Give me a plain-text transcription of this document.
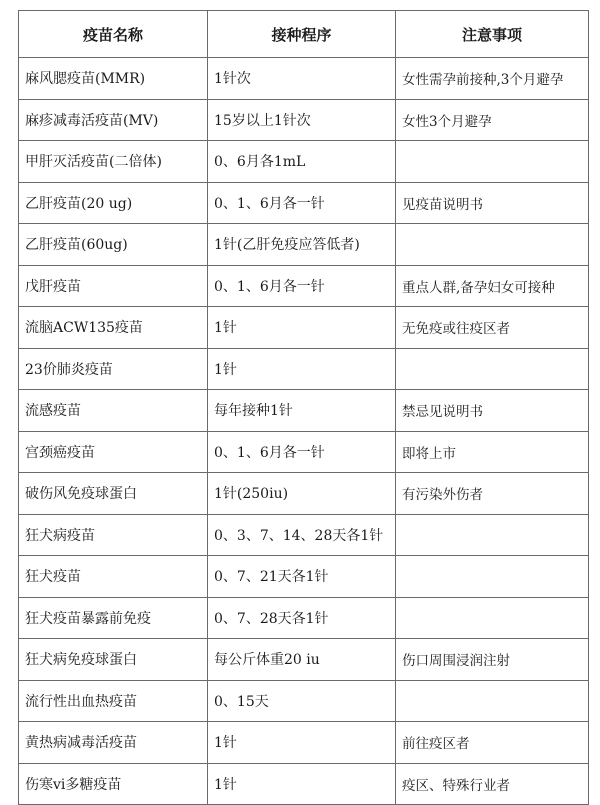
疫苗名称	接种程序	注意事项
麻风腮疫苗(MMR)	1针次	女性需孕前接种,3个月避孕
麻疹减毒活疫苗(MV)	15岁以上1针次	女性3个月避孕
甲肝灭活疫苗(二倍体)	0、6月各1mL	
乙肝疫苗(20 ug)	0、1、6月各一针	见疫苗说明书
乙肝疫苗(60ug)	1针(乙肝免疫应答低者)	
戊肝疫苗	0、1、6月各一针	重点人群,备孕妇女可接种
流脑ACW135疫苗	1针	无免疫或往疫区者
23价肺炎疫苗	1针	
流感疫苗	每年接种1针	禁忌见说明书
宫颈癌疫苗	0、1、6月各一针	即将上市
破伤风免疫球蛋白	1针(250iu)	有污染外伤者
狂犬病疫苗	0、3、7、14、28天各1针	
狂犬疫苗	0、7、21天各1针	
狂犬疫苗暴露前免疫	0、7、28天各1针	
狂犬病免疫球蛋白	每公斤体重20 iu	伤口周围浸润注射
流行性出血热疫苗	0、15天	
黄热病减毒活疫苗	1针	前往疫区者
伤寒vi多糖疫苗	1针	疫区、特殊行业者
